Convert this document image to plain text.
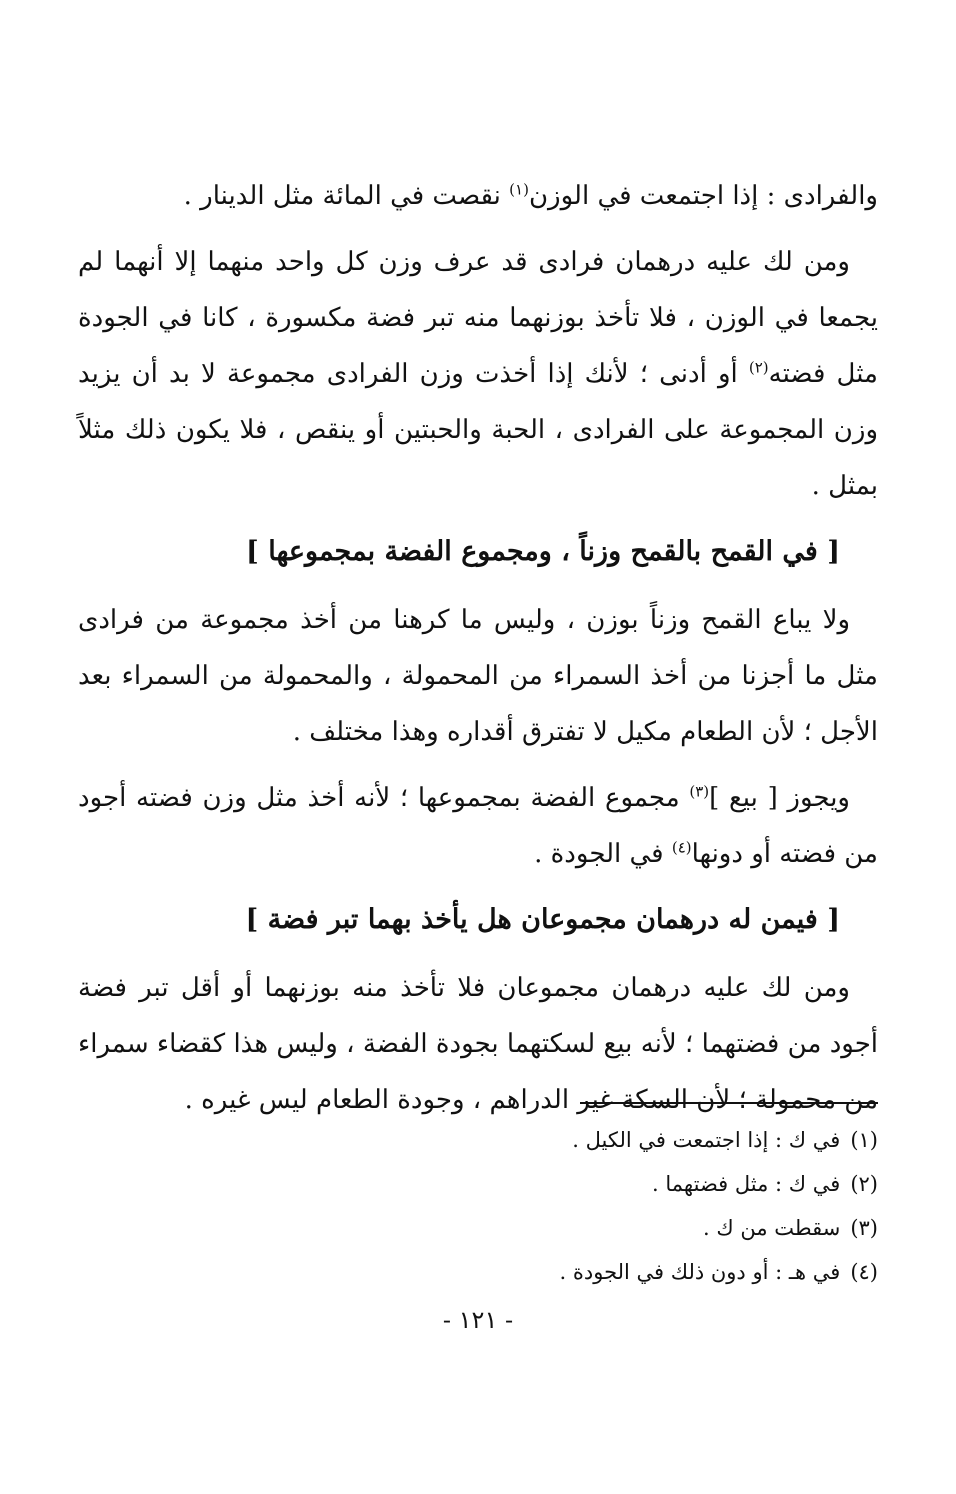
والفرادى : إذا اجتمعت في الوزن$^{(١)}$ نقصت في المائة مثل الدينار .

ومن لك عليه درهمان فرادى قد عرف وزن كل واحد منهما إلا أنهما لم يجمعا في الوزن ، فلا تأخذ بوزنهما منه تبر فضة مكسورة ، كانا في الجودة مثل فضته$^{(٢)}$ أو أدنى ؛ لأنك إذا أخذت وزن الفرادى مجموعة لا بد أن يزيد وزن المجموعة على الفرادى ، الحبة والحبتين أو ينقص ، فلا يكون ذلك مثلاً بمثل .

[ في القمح بالقمح وزناً ، ومجموع الفضة بمجموعها ]

ولا يباع القمح وزناً بوزن ، وليس ما كرهنا من أخذ مجموعة من فرادى مثل ما أجزنا من أخذ السمراء من المحمولة ، والمحمولة من السمراء بعد الأجل ؛ لأن الطعام مكيل لا تفترق أقداره وهذا مختلف .

ويجوز [ بيع ]$^{(٣)}$ مجموع الفضة بمجموعها ؛ لأنه أخذ مثل وزن فضته أجود من فضته أو دونها$^{(٤)}$ في الجودة .

[ فيمن له درهمان مجموعان هل يأخذ بهما تبر فضة ]

ومن لك عليه درهمان مجموعان فلا تأخذ منه بوزنهما أو أقل تبر فضة أجود من فضتهما ؛ لأنه بيع لسكتهما بجودة الفضة ، وليس هذا كقضاء سمراء من محمولة ؛ لأن السكة غير الدراهم ، وجودة الطعام ليس غيره .

(١)في ك : إذا اجتمعت في الكيل .
(٢)في ك : مثل فضتهما .
(٣)سقطت من ك .
(٤)في هـ : أو دون ذلك في الجودة .
- ١٢١ -
